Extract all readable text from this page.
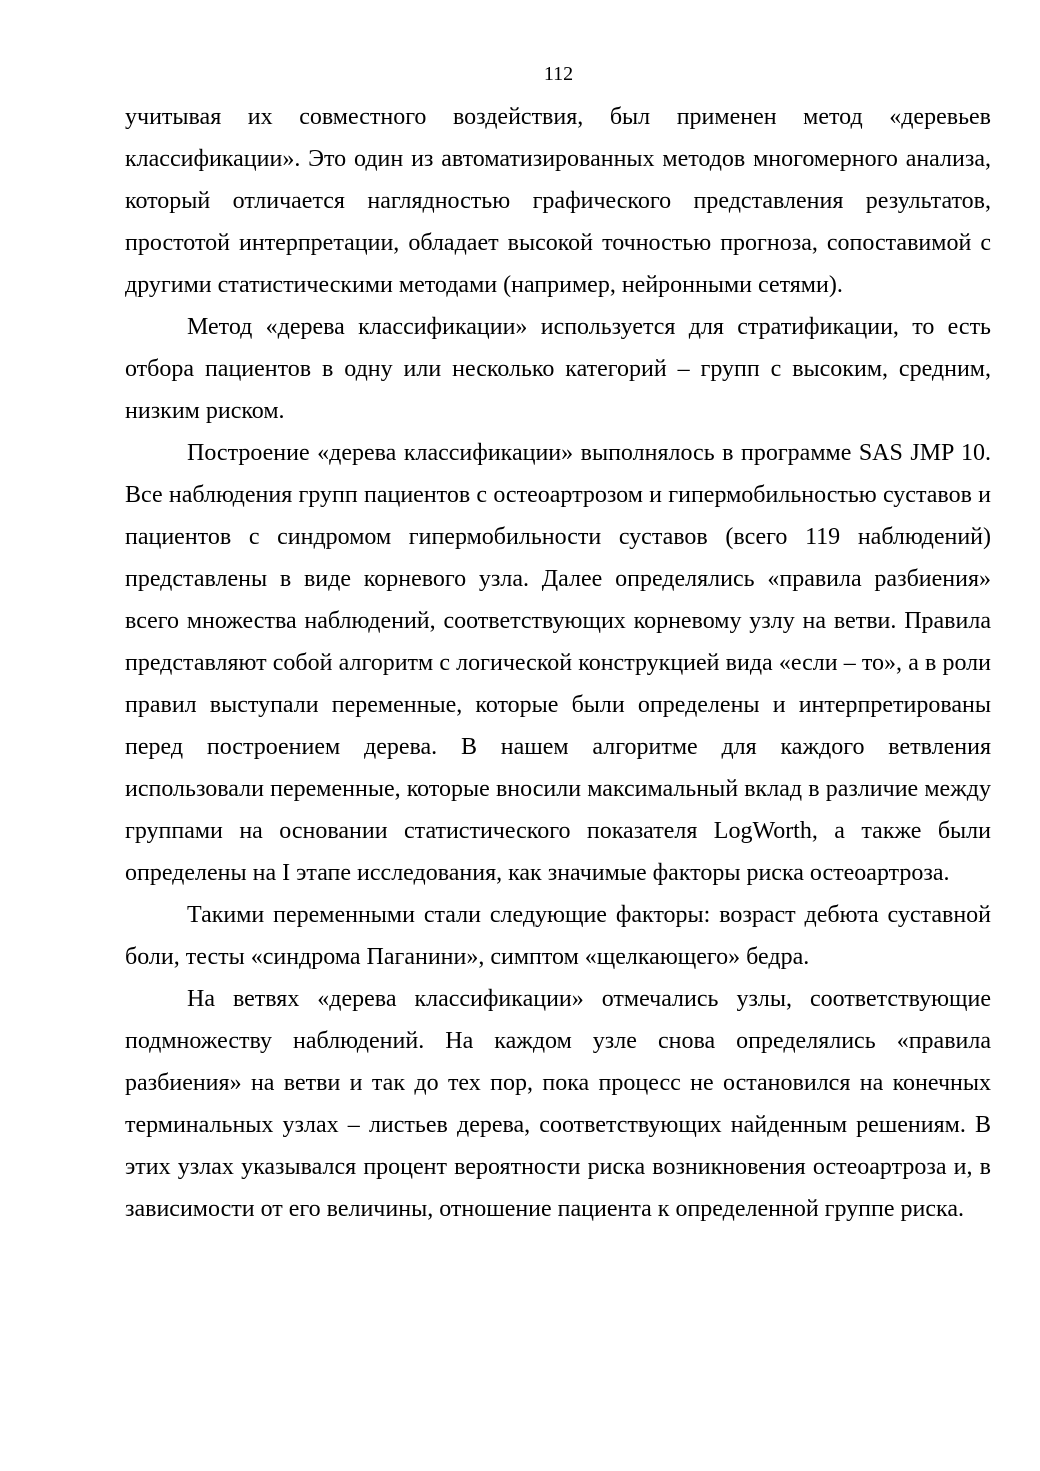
112

учитывая их совместного воздействия, был применен метод «деревьев классификации». Это один из автоматизированных методов многомерного анализа, который отличается наглядностью графического представления результатов, простотой интерпретации, обладает высокой точностью прогноза, сопоставимой с другими статистическими методами (например, нейронными сетями).

Метод «дерева классификации» используется для стратификации, то есть отбора пациентов в одну или несколько категорий – групп с высоким, средним, низким риском.

Построение «дерева классификации» выполнялось в программе SAS JMP 10. Все наблюдения групп пациентов с остеоартрозом и гипермобильностью суставов и пациентов с синдромом гипермобильности суставов (всего 119 наблюдений) представлены в виде корневого узла. Далее определялись «правила разбиения» всего множества наблюдений, соответствующих корневому узлу на ветви. Правила представляют собой алгоритм с логической конструкцией вида «если – то», а в роли правил выступали переменные, которые были определены и интерпретированы перед построением дерева. В нашем алгоритме для каждого ветвления использовали переменные, которые вносили максимальный вклад в различие между группами на основании статистического показателя LogWorth, а также были определены на I этапе исследования, как значимые факторы риска остеоартроза.

Такими переменными стали следующие факторы: возраст дебюта суставной боли, тесты «синдрома Паганини», симптом «щелкающего» бедра.

На ветвях «дерева классификации» отмечались узлы, соответствующие подмножеству наблюдений. На каждом узле снова определялись «правила разбиения» на ветви и так до тех пор, пока процесс не остановился на конечных терминальных узлах – листьев дерева, соответствующих найденным решениям. В этих узлах указывался процент вероятности риска возникновения остеоартроза и, в зависимости от его величины, отношение пациента к определенной группе риска.
